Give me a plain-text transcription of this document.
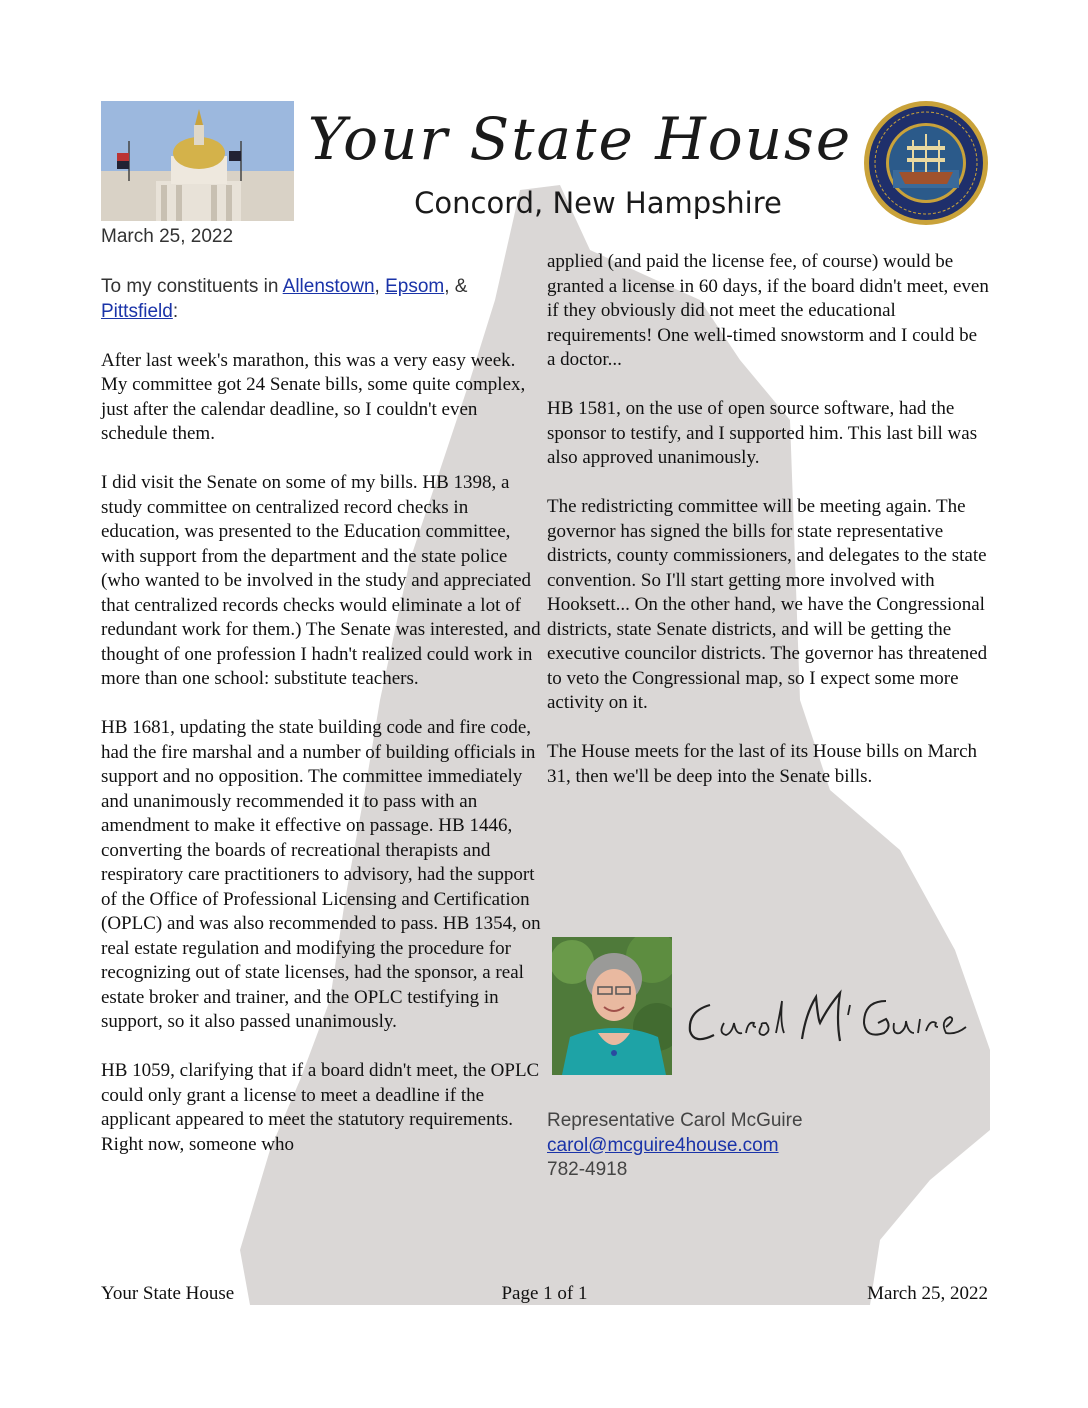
Your State House
Concord, New Hampshire
March 25, 2022

To my constituents in Allenstown, Epsom, & Pittsfield:

After last week's marathon, this was a very easy week. My committee got 24 Senate bills, some quite complex, just after the calendar deadline, so I couldn't even schedule them.

I did visit the Senate on some of my bills. HB 1398, a study committee on centralized record checks in education, was presented to the Education committee, with support from the department and the state police (who wanted to be involved in the study and appreciated that centralized records checks would eliminate a lot of redundant work for them.) The Senate was interested, and thought of one profession I hadn't realized could work in more than one school: substitute teachers.

HB 1681, updating the state building code and fire code, had the fire marshal and a number of building officials in support and no opposition. The committee immediately and unanimously recommended it to pass with an amendment to make it effective on passage. HB 1446, converting the boards of recreational therapists and respiratory care practitioners to advisory, had the support of the Office of Professional Licensing and Certification (OPLC) and was also recommended to pass. HB 1354, on real estate regulation and modifying the procedure for recognizing out of state licenses, had the sponsor, a real estate broker and trainer, and the OPLC testifying in support, so it also passed unanimously.

HB 1059, clarifying that if a board didn't meet, the OPLC could only grant a license to meet a deadline if the applicant appeared to meet the statutory requirements. Right now, someone who

applied (and paid the license fee, of course) would be granted a license in 60 days, if the board didn't meet, even if they obviously did not meet the educational requirements! One well-timed snowstorm and I could be a doctor...

HB 1581, on the use of open source software, had the sponsor to testify, and I supported him. This last bill was also approved unanimously.

The redistricting committee will be meeting again. The governor has signed the bills for state representative districts, county commissioners, and delegates to the state convention. So I'll start getting more involved with Hooksett... On the other hand, we have the Congressional districts, state Senate districts, and will be getting the executive councilor districts. The governor has threatened to veto the Congressional map, so I expect some more activity on it.

The House meets for the last of its House bills on March 31, then we'll be deep into the Senate bills.

Representative Carol McGuire
carol@mcguire4house.com
782-4918
Your State House	Page 1 of 1	March 25, 2022
